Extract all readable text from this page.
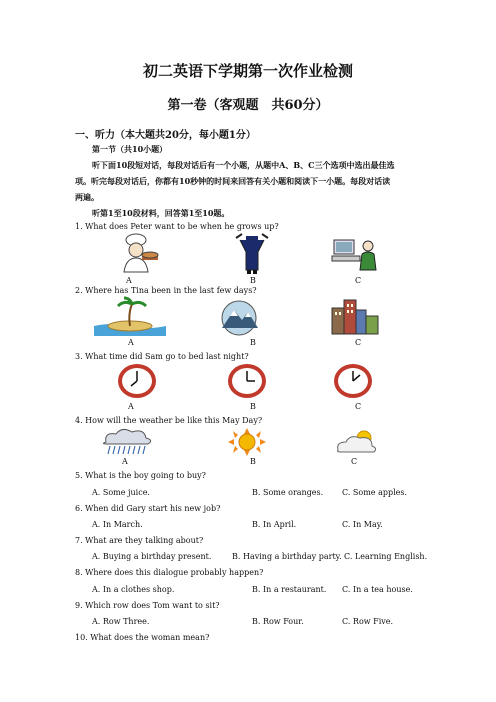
初二英语下学期第一次作业检测
第一卷（客观题　共60分）
一、听力（本大题共20分，每小题1分）
第一节（共10小题）
听下面10段短对话，每段对话后有一个小题，从题中A、B、C三个选项中选出最佳选
项。听完每段对话后，你都有10秒钟的时间来回答有关小题和阅读下一小题。每段对话读
两遍。
听第1至10段材料，回答第1至10题。
1. What does Peter want to be when he grows up?
A	B	C
2. Where has Tina been in the last few days?
A	B	C
3. What time did Sam go to bed last night?
A	B	C
4. How will the weather be like this May Day?
A	B	C
5. What is the boy going to buy?
A. Some juice.	B. Some oranges. C. Some apples.
6. When did Gary start his new job?
A. In March.	B. In April.	C. In May.
7. What are they talking about?
A. Buying a birthday present.	B. Having a birthday party. C. Learning English.
8. Where does this dialogue probably happen?
A. In a clothes shop.	B. In a restaurant. C. In a tea house.
9. Which row does Tom want to sit?
A. Row Three.	B. Row Four.	C. Row Five.
10. What does the woman mean?
